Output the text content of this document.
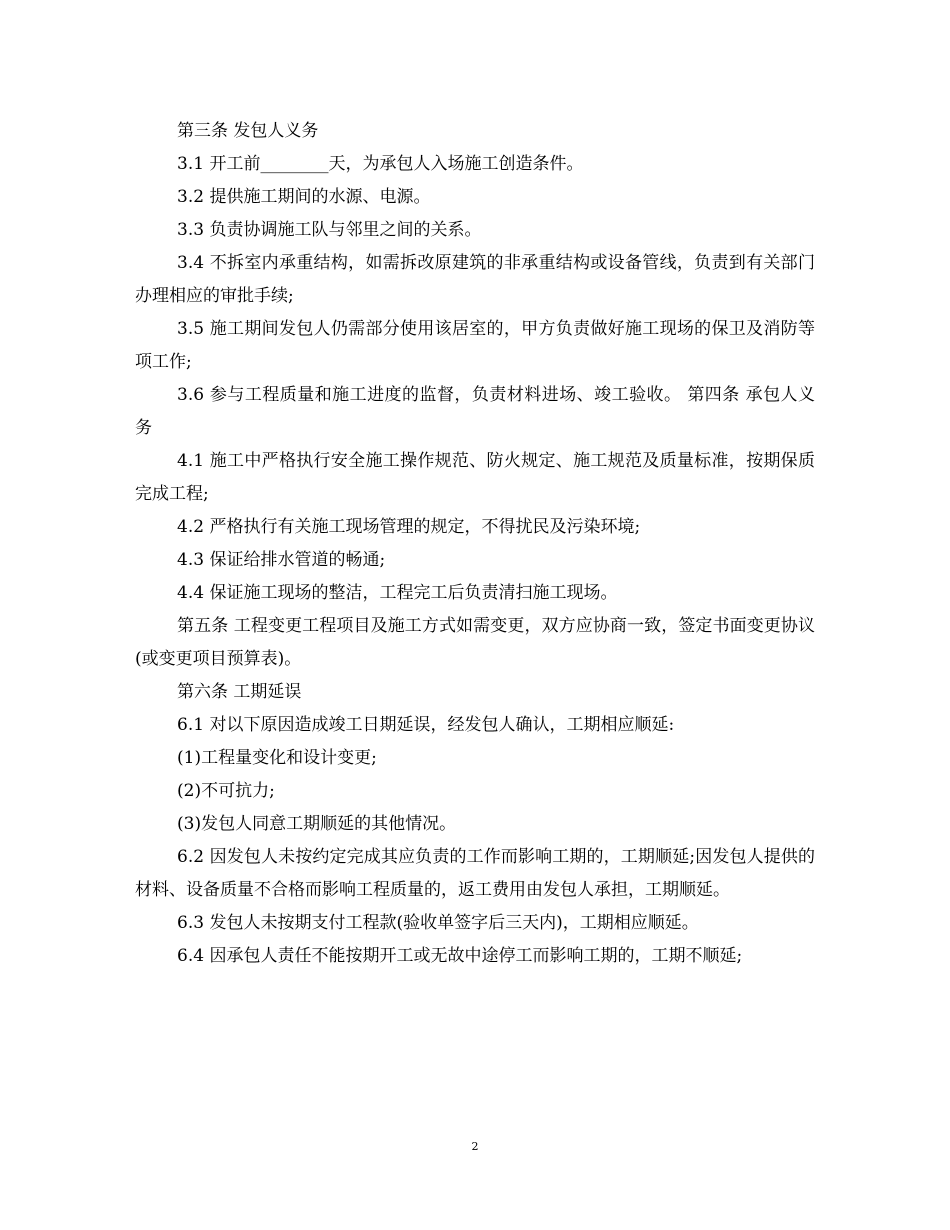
第三条 发包人义务

3.1 开工前________天，为承包人入场施工创造条件。

3.2 提供施工期间的水源、电源。

3.3 负责协调施工队与邻里之间的关系。

3.4 不拆室内承重结构，如需拆改原建筑的非承重结构或设备管线，负责到有关部门办理相应的审批手续;

3.5 施工期间发包人仍需部分使用该居室的，甲方负责做好施工现场的保卫及消防等项工作;

3.6 参与工程质量和施工进度的监督，负责材料进场、竣工验收。 第四条 承包人义务

4.1 施工中严格执行安全施工操作规范、防火规定、施工规范及质量标准，按期保质完成工程;

4.2 严格执行有关施工现场管理的规定，不得扰民及污染环境;

4.3 保证给排水管道的畅通;

4.4 保证施工现场的整洁，工程完工后负责清扫施工现场。

第五条 工程变更工程项目及施工方式如需变更，双方应协商一致，签定书面变更协议(或变更项目预算表)。

第六条 工期延误

6.1 对以下原因造成竣工日期延误，经发包人确认，工期相应顺延:

(1)工程量变化和设计变更;

(2)不可抗力;

(3)发包人同意工期顺延的其他情况。

6.2 因发包人未按约定完成其应负责的工作而影响工期的，工期顺延;因发包人提供的材料、设备质量不合格而影响工程质量的，返工费用由发包人承担，工期顺延。

6.3 发包人未按期支付工程款(验收单签字后三天内)，工期相应顺延。

6.4 因承包人责任不能按期开工或无故中途停工而影响工期的，工期不顺延;

2
